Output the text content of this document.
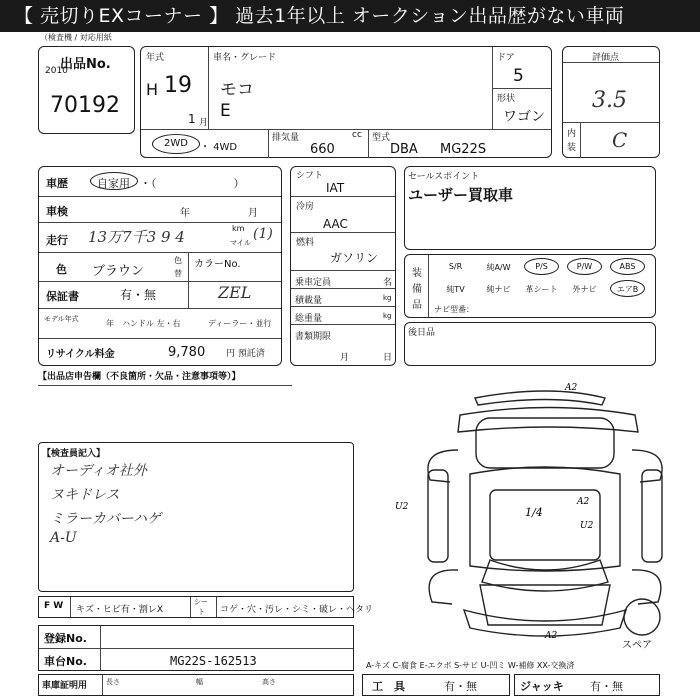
【 売切りEXコーナー 】 過去1年以上 オークション出品歴がない車両
（検査機 / 対応用紙
出品No.
2010
70192
年式
H 19
1 月
車名・グレード
モコ
E
ドア
5
形状
ワゴン
2WD ・ 4WD
排気量	cc
660
型式
DBA MG22S
評価点
3.5
内
装 C
車歴	自家用 ・（　　　　　　　）
車検	年	月
走行 13万7千3 9 4	km
マイル
(1)
色 ブラウン
色
替
カラーNo.
ZEL
保証書	有・無
モデル年式	年 ハンドル 左・右	ディーラー・並行
リサイクル料金	9,780 円 預託済
シフト
IAT
冷房
AAC
燃料
ガソリン
乗車定員	名
積載量	kg
総重量	kg
書類期限
月	日
セールスポイント
ユーザー買取車
装
備
品
S/R	純A/W	P/S	P/W	ABS
純TV	純ナビ	革シート	外ナビ	エアB
ナビ型番：
後日品
【出品店申告欄（不良箇所・欠品・注意事項等）】
【検査員記入】
オーディオ社外
ヌキドレス
ミラーカバーハゲ
A-U
A2
U2	A2
U2
1/4
A2
スペア
F W キズ・ヒビ有・割レX
シー
ト コゲ・穴・汚レ・シミ・破レ・ヘタリ
登録No.
車台No.	MG22S-162513
車庫証明用	長さ	幅	高さ
A-キズ C-腐食 E-エクボ S-サビ U-凹ミ W-補修 XX-交換済
工　具	有・無	ジャッキ 有・無
